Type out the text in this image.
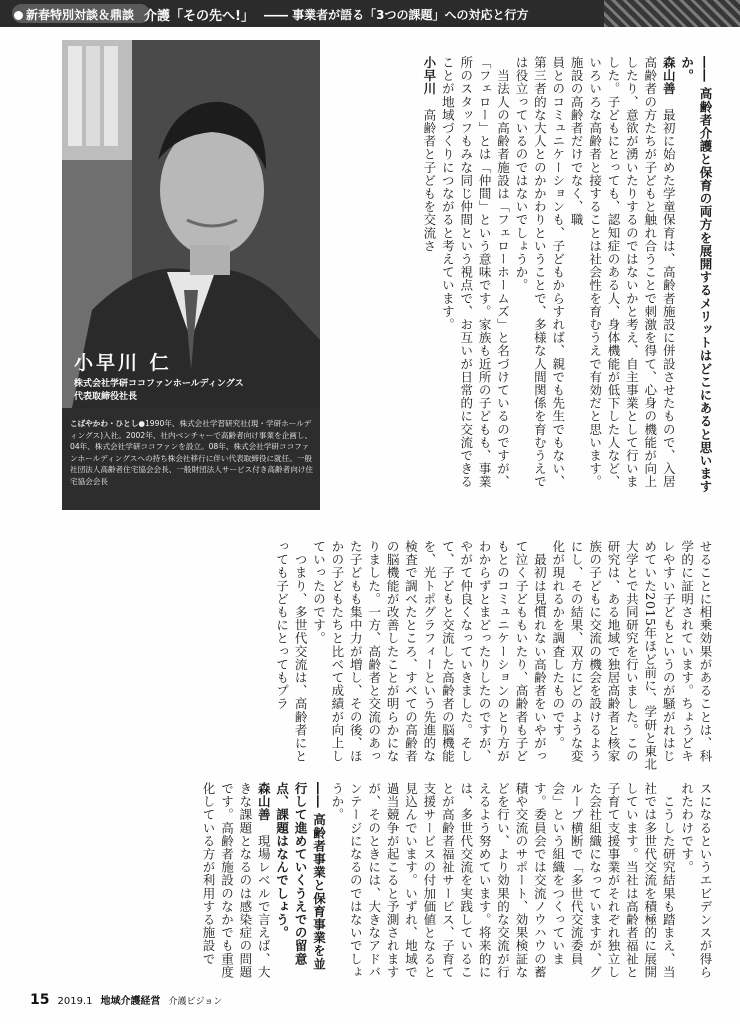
新春特別対談＆鼎談 介護「その先へ!」 ―― 事業者が語る「3つの課題」への対応と行方
小早川 仁
株式会社学研ココファンホールディングス
代表取締役社長
こばやかわ・ひとし●1990年、株式会社学習研究社(現・学研ホールディングス)入社。2002年、社内ベンチャーで高齢者向け事業を企画し、04年、株式会社学研ココファンを設立。08年、株式会社学研ココファンホールディングスへの持ち株会社移行に伴い代表取締役に就任。一般社団法人高齢者住宅協会会長、一般財団法人サービス付き高齢者向け住宅協会会長	―― 高齢者介護と保育の両方を展開するメリットはどこにあると思いますか。

森山善　最初に始めた学童保育は、高齢者施設に併設させたもので、入居高齢者の方たちが子どもと触れ合うことで刺激を得て、心身の機能が向上したり、意欲が湧いたりするのではないかと考え、自主事業として行いました。子どもにとっても、認知症のある人、身体機能が低下した人など、いろいろな高齢者と接することは社会性を育むうえで有効だと思います。施設の高齢者だけでなく、職

員とのコミュニケーションも、子どもからすれば、親でも先生でもない、第三者的な大人とのかかわりということで、多様な人間関係を育むうえでは役立っているのではないでしょうか。

　当法人の高齢者施設は「フェローホームズ」と名づけているのですが、「フェロー」とは「仲間」という意味です。家族も近所の子どもも、事業所のスタッフもみな同じ仲間という視点で、お互いが日常的に交流できることが地域づくりにつながると考えています。

小早川　高齢者と子どもを交流さ

せることに相乗効果があることは、科学的に証明されています。ちょうどキレやすい子どもというのが騒がれはじめていた2015年ほど前に、学研と東北大学とで共同研究を行いました。この研究は、ある地域で独居高齢者と核家族の子どもに交流の機会を設けるようにし、その結果、双方にどのような変化が現れるかを調査したものです。

　最初は見慣れない高齢者をいやがって泣く子どももいたり、高齢者も子どもとのコミュニケーションのとり方がわからずとまどったりしたのですが、やがて仲良くなっていきました。そして、子どもと交流した高齢者の脳機能を、光トポグラフィーという先進的な検査で調べたところ、すべての高齢者の脳機能が改善したことが明らかになりました。一方、高齢者と交流のあった子どもも集中力が増し、その後、ほかの子どもたちと比べて成績が向上していったのです。

　つまり、多世代交流は、高齢者にとっても子どもにとってもプラ

スになるというエビデンスが得られたわけです。

　こうした研究結果も踏まえ、当社では多世代交流を積極的に展開しています。当社は高齢者福祉と子育て支援事業がそれぞれ独立した会社組織になっていますが、グループ横断で「多世代交流委員会」という組織をつくっています。委員会では交流ノウハウの蓄積や交流のサポート、効果検証などを行い、より効果的な交流が行えるよう努めています。将来的には、多世代交流を実践していることが高齢者福祉サービス、子育て支援サービスの付加価値となると見込んでいます。いずれ、地域で過当競争が起こると予測されますが、そのときには、大きなアドバンテージになるのではないでしょうか。

―― 高齢者事業と保育事業を並行して進めていくうえでの留意点、課題はなんでしょう。

森山善　現場レベルで言えば、大きな課題となるのは感染症の問題です。高齢者施設のなかでも重度化している方が利用する施設で

15 2019.1 地域介護経営 介護ビジョン
